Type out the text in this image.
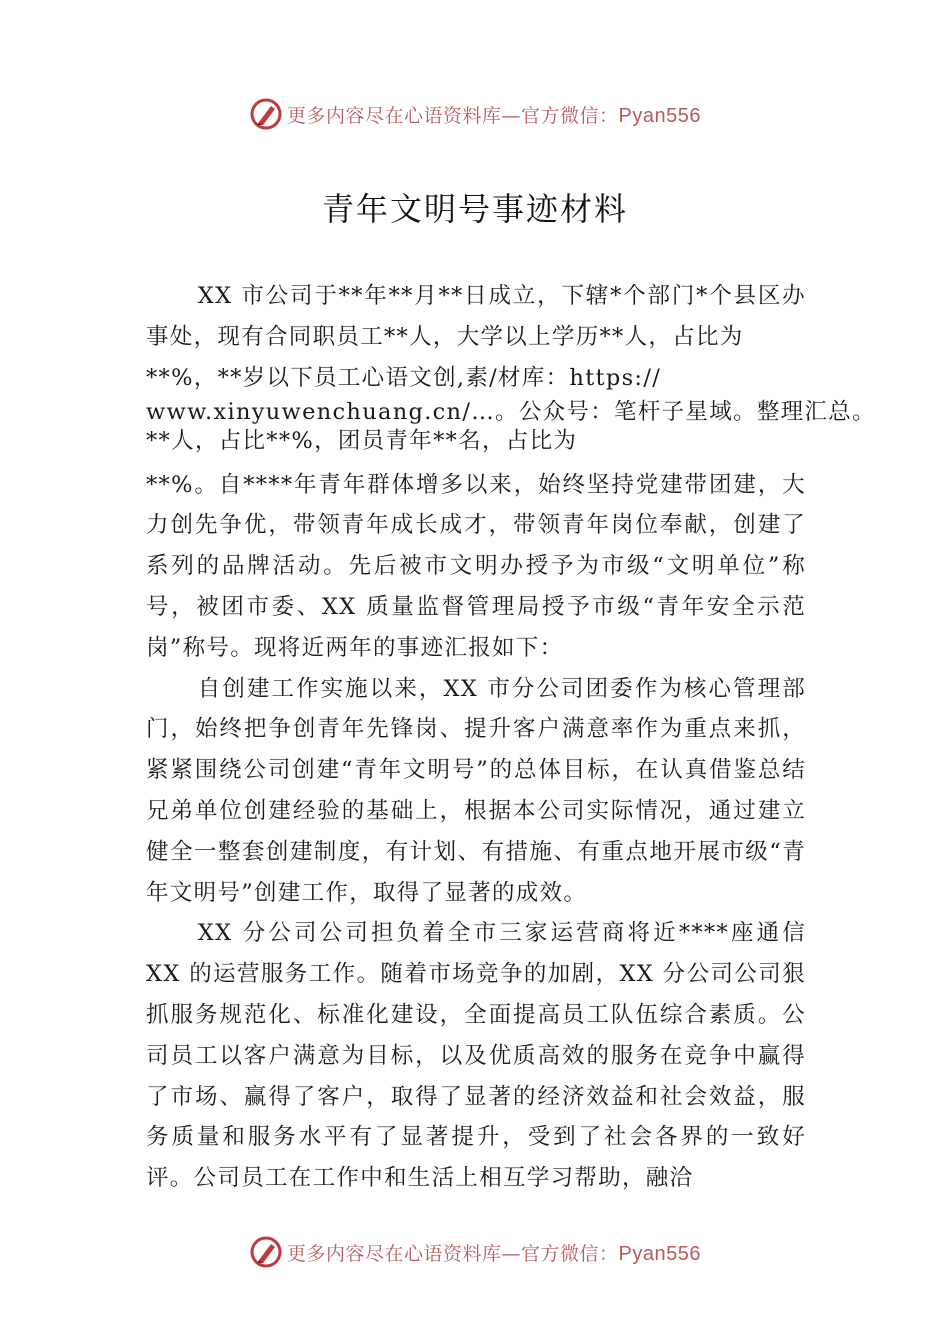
更多内容尽在心语资料库—官方微信：Pyan556
青年文明号事迹材料

XX 市公司于**年**月**日成立，下辖*个部门*个县区办事处，现有合同职员工**人，大学以上学历**人，占比为

**%，**岁以下员工心语文创,素/材库：https://

www.xinyuwenchuang.cn/…。公众号：笔杆子星域。整理汇总。

**人，占比**%，团员青年**名，占比为

**%。自****年青年群体增多以来，始终坚持党建带团建，大力创先争优，带领青年成长成才，带领青年岗位奉献，创建了系列的品牌活动。先后被市文明办授予为市级“文明单位”称号，被团市委、XX 质量监督管理局授予市级“青年安全示范岗”称号。现将近两年的事迹汇报如下：

自创建工作实施以来，XX 市分公司团委作为核心管理部门，始终把争创青年先锋岗、提升客户满意率作为重点来抓，紧紧围绕公司创建“青年文明号”的总体目标，在认真借鉴总结兄弟单位创建经验的基础上，根据本公司实际情况，通过建立健全一整套创建制度，有计划、有措施、有重点地开展市级“青年文明号”创建工作，取得了显著的成效。

XX 分公司公司担负着全市三家运营商将近****座通信 XX 的运营服务工作。随着市场竞争的加剧，XX 分公司公司狠抓服务规范化、标准化建设，全面提高员工队伍综合素质。公司员工以客户满意为目标，以及优质高效的服务在竞争中赢得了市场、赢得了客户，取得了显著的经济效益和社会效益，服务质量和服务水平有了显著提升，受到了社会各界的一致好评。公司员工在工作中和生活上相互学习帮助，融洽

更多内容尽在心语资料库—官方微信：Pyan556
